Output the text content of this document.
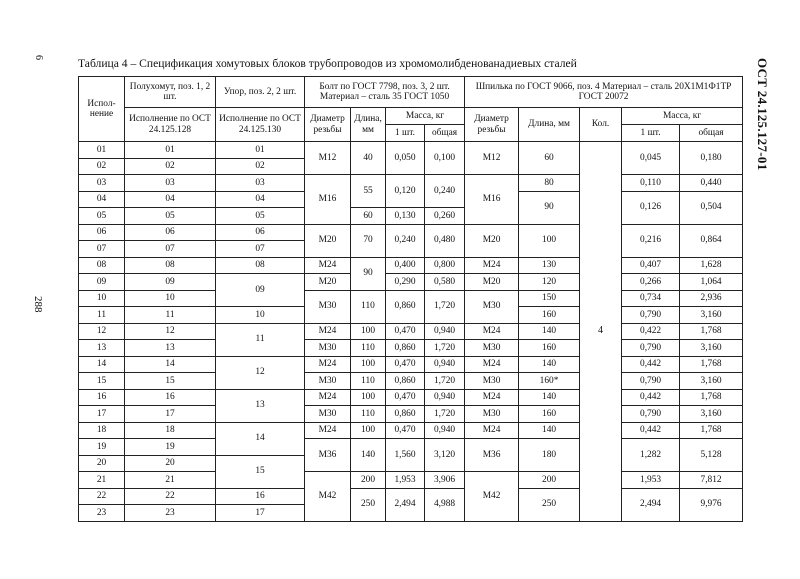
6
288
ОСТ 24.125.127-01
Таблица 4 – Спецификация хомутовых блоков трубопроводов из хромомолибденованадиевых сталей
Испол-нение	Полухомут, поз. 1, 2 шт.	Упор, поз. 2, 2 шт.	Болт по ГОСТ 7798, поз. 3, 2 шт. Материал – сталь 35 ГОСТ 1050				Шпилька по ГОСТ 9066, поз. 4 Материал – сталь 20Х1М1Ф1ТР ГОСТ 20072				
	Исполнение по ОСТ 24.125.128	Исполнение по ОСТ 24.125.130	Диаметр резьбы	Длина, мм	Масса, кг		Диаметр резьбы	Длина, мм	Кол.	Масса, кг	
					1 шт.	общая				1 шт.	общая
01	01	01	M12	40	0,050	0,100	M12	60	4	0,045	0,180
02	02	02									
03	03	03	M16	55	0,120	0,240	M16	80		0,110	0,440
04	04	04						90		0,126	0,504
05	05	05		60	0,130	0,260					
06	06	06	M20	70	0,240	0,480	M20	100		0,216	0,864
07	07	07									
08	08	08	M24	90	0,400	0,800	M24	130		0,407	1,628
09	09	09	M20		0,290	0,580	M20	120		0,266	1,064
10	10		M30	110	0,860	1,720	M30	150		0,734	2,936
11	11	10						160		0,790	3,160
12	12	11	M24	100	0,470	0,940	M24	140		0,422	1,768
13	13		M30	110	0,860	1,720	M30	160		0,790	3,160
14	14	12	M24	100	0,470	0,940	M24	140		0,442	1,768
15	15		M30	110	0,860	1,720	M30	160*		0,790	3,160
16	16	13	M24	100	0,470	0,940	M24	140		0,442	1,768
17	17		M30	110	0,860	1,720	M30	160		0,790	3,160
18	18	14	M24	100	0,470	0,940	M24	140		0,442	1,768
19	19		M36	140	1,560	3,120	M36	180		1,282	5,128
20	20	15									
21	21		M42	200	1,953	3,906	M42	200		1,953	7,812
22	22	16		250	2,494	4,988		250		2,494	9,976
23	23	17									
